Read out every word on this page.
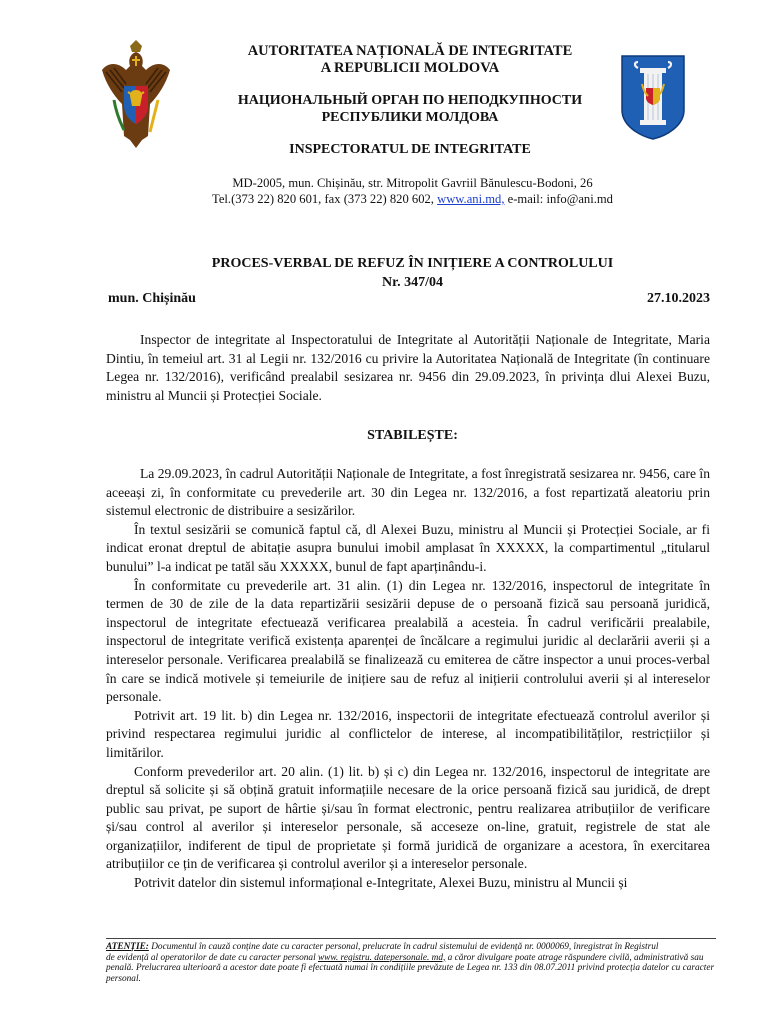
AUTORITATEA NAȚIONALĂ DE INTEGRITATE
A REPUBLICII MOLDOVA
НАЦИОНАЛЬНЫЙ ОРГАН ПО НЕПОДКУПНОСТИ
РЕСПУБЛИКИ МОЛДОВА
INSPECTORATUL DE INTEGRITATE
MD-2005, mun. Chișinău, str. Mitropolit Gavriil Bănulescu-Bodoni, 26
Tel.(373 22) 820 601, fax (373 22) 820 602, www.ani.md, e-mail: info@ani.md
PROCES-VERBAL DE REFUZ ÎN INIȚIERE A CONTROLULUI
Nr. 347/04
mun. Chișinău	27.10.2023

Inspector de integritate al Inspectoratului de Integritate al Autorității Naționale de Integritate, Maria Dintiu, în temeiul art. 31 al Legii nr. 132/2016 cu privire la Autoritatea Națională de Integritate (în continuare Legea nr. 132/2016), verificând prealabil sesizarea nr. 9456 din 29.09.2023, în privința dlui Alexei Buzu, ministru al Muncii și Protecției Sociale.

STABILEȘTE:

La 29.09.2023, în cadrul Autorității Naționale de Integritate, a fost înregistrată sesizarea nr. 9456, care în aceeași zi, în conformitate cu prevederile art. 30 din Legea nr. 132/2016, a fost repartizată aleatoriu prin sistemul electronic de distribuire a sesizărilor.

În textul sesizării se comunică faptul că, dl Alexei Buzu, ministru al Muncii și Protecției Sociale, ar fi indicat eronat dreptul de abitație asupra bunului imobil amplasat în XXXXX, la compartimentul „titularul bunului” l-a indicat pe tatăl său XXXXX, bunul de fapt aparținându-i.

În conformitate cu prevederile art. 31 alin. (1) din Legea nr. 132/2016, inspectorul de integritate în termen de 30 de zile de la data repartizării sesizării depuse de o persoană fizică sau persoană juridică, inspectorul de integritate efectuează verificarea prealabilă a acesteia. În cadrul verificării prealabile, inspectorul de integritate verifică existența aparenței de încălcare a regimului juridic al declarării averii și a intereselor personale. Verificarea prealabilă se finalizează cu emiterea de către inspector a unui proces-verbal în care se indică motivele și temeiurile de inițiere sau de refuz al inițierii controlului averii și al intereselor personale.

Potrivit art. 19 lit. b) din Legea nr. 132/2016, inspectorii de integritate efectuează controlul averilor și privind respectarea regimului juridic al conflictelor de interese, al incompatibilităților, restricțiilor și limitărilor.

Conform prevederilor art. 20 alin. (1) lit. b) și c) din Legea nr. 132/2016, inspectorul de integritate are dreptul să solicite și să obțină gratuit informațiile necesare de la orice persoană fizică sau juridică, de drept public sau privat, pe suport de hârtie și/sau în format electronic, pentru realizarea atribuțiilor de verificare și/sau control al averilor și intereselor personale, să acceseze on-line, gratuit, registrele de stat ale organizațiilor, indiferent de tipul de proprietate și formă juridică de organizare a acestora, în exercitarea atribuțiilor ce țin de verificarea și controlul averilor și a intereselor personale.

Potrivit datelor din sistemul informațional e-Integritate, Alexei Buzu, ministru al Muncii și

ATENȚIE: Documentul în cauză conține date cu caracter personal, prelucrate în cadrul sistemului de evidență nr. 0000069, înregistrat în Registrul
de evidență al operatorilor de date cu caracter personal www. registru. datepersonale. md, a căror divulgare poate atrage răspundere civilă, administrativă sau penală. Prelucrarea ulterioară a acestor date poate fi efectuată numai în condițiile prevăzute de Legea nr. 133 din 08.07.2011 privind protecția datelor cu caracter personal.
